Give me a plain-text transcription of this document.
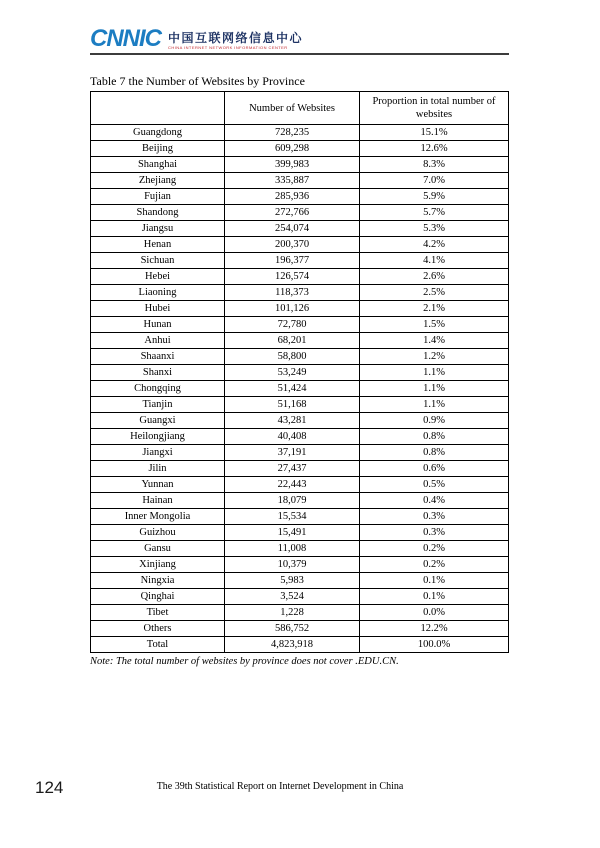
CNNIC 中国互联网络信息中心
CHINA INTERNET NETWORK INFORMATION CENTER
Table 7 the Number of Websites by Province
	Number of Websites	Proportion in total number of websites
Guangdong	728,235	15.1%
Beijing	609,298	12.6%
Shanghai	399,983	8.3%
Zhejiang	335,887	7.0%
Fujian	285,936	5.9%
Shandong	272,766	5.7%
Jiangsu	254,074	5.3%
Henan	200,370	4.2%
Sichuan	196,377	4.1%
Hebei	126,574	2.6%
Liaoning	118,373	2.5%
Hubei	101,126	2.1%
Hunan	72,780	1.5%
Anhui	68,201	1.4%
Shaanxi	58,800	1.2%
Shanxi	53,249	1.1%
Chongqing	51,424	1.1%
Tianjin	51,168	1.1%
Guangxi	43,281	0.9%
Heilongjiang	40,408	0.8%
Jiangxi	37,191	0.8%
Jilin	27,437	0.6%
Yunnan	22,443	0.5%
Hainan	18,079	0.4%
Inner Mongolia	15,534	0.3%
Guizhou	15,491	0.3%
Gansu	11,008	0.2%
Xinjiang	10,379	0.2%
Ningxia	5,983	0.1%
Qinghai	3,524	0.1%
Tibet	1,228	0.0%
Others	586,752	12.2%
Total	4,823,918	100.0%
Note: The total number of websites by province does not cover .EDU.CN.
124	The 39th Statistical Report on Internet Development in China
